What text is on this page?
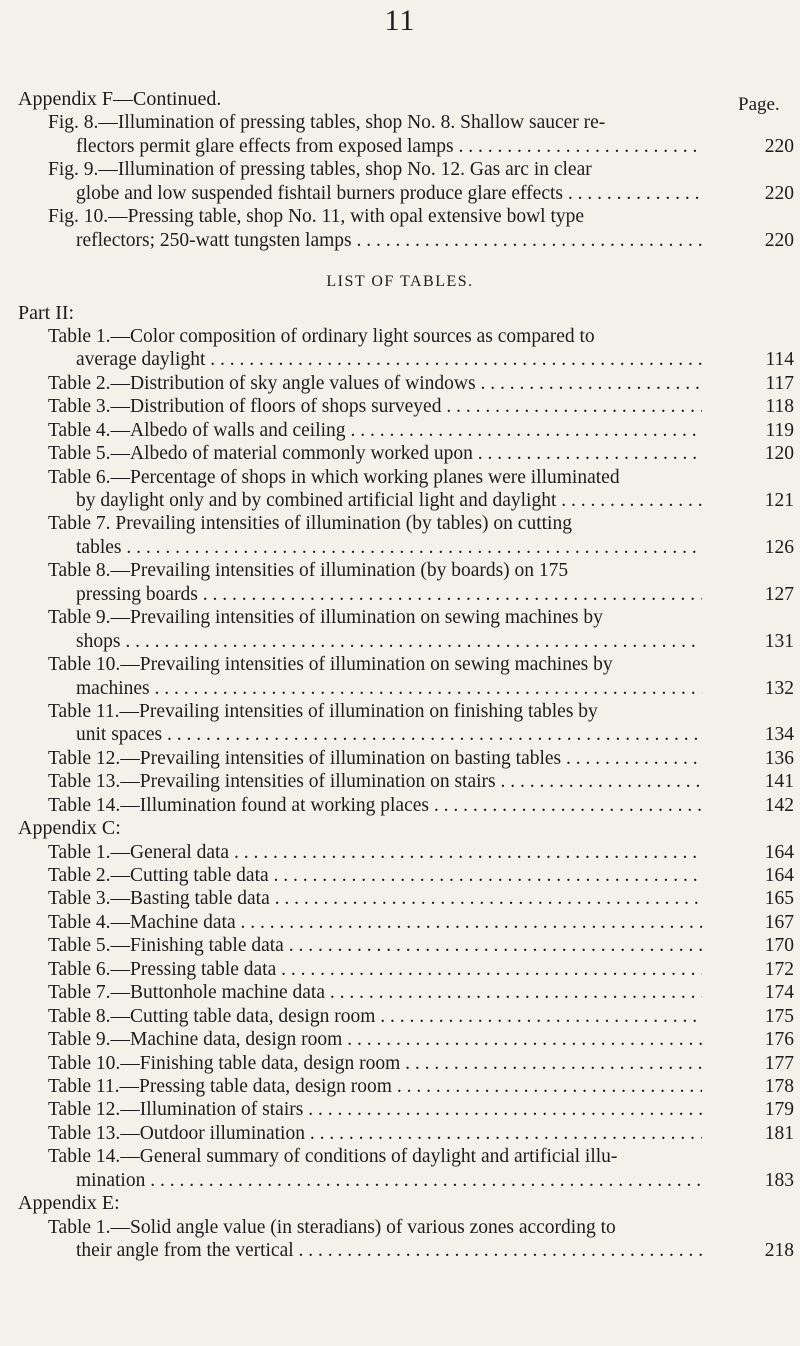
11
Page.
Appendix F—Continued.
Fig. 8.—Illumination of pressing tables, shop No. 8. Shallow saucer re-
flectors permit glare effects from exposed lamps . . .	220
Fig. 9.—Illumination of pressing tables, shop No. 12. Gas arc in clear
globe and low suspended fishtail burners produce glare effects . . .	220
Fig. 10.—Pressing table, shop No. 11, with opal extensive bowl type
reflectors; 250-watt tungsten lamps . . .	220
LIST OF TABLES.
Part II:
Table 1.—Color composition of ordinary light sources as compared to
average daylight . . .	114
Table 2.—Distribution of sky angle values of windows . . .	117
Table 3.—Distribution of floors of shops surveyed . . .	118
Table 4.—Albedo of walls and ceiling . . .	119
Table 5.—Albedo of material commonly worked upon . . .	120
Table 6.—Percentage of shops in which working planes were illuminated
by daylight only and by combined artificial light and daylight . . .	121
Table 7. Prevailing intensities of illumination (by tables) on cutting
tables . . .	126
Table 8.—Prevailing intensities of illumination (by boards) on 175
pressing boards . . .	127
Table 9.—Prevailing intensities of illumination on sewing machines by
shops . . .	131
Table 10.—Prevailing intensities of illumination on sewing machines by
machines . . .	132
Table 11.—Prevailing intensities of illumination on finishing tables by
unit spaces . . .	134
Table 12.—Prevailing intensities of illumination on basting tables . . .	136
Table 13.—Prevailing intensities of illumination on stairs . . .	141
Table 14.—Illumination found at working places . . .	142
Appendix C:
Table 1.—General data . . .	164
Table 2.—Cutting table data . . .	164
Table 3.—Basting table data . . .	165
Table 4.—Machine data . . .	167
Table 5.—Finishing table data . . .	170
Table 6.—Pressing table data . . .	172
Table 7.—Buttonhole machine data . . .	174
Table 8.—Cutting table data, design room . . .	175
Table 9.—Machine data, design room . . .	176
Table 10.—Finishing table data, design room . . .	177
Table 11.—Pressing table data, design room . . .	178
Table 12.—Illumination of stairs . . .	179
Table 13.—Outdoor illumination . . .	181
Table 14.—General summary of conditions of daylight and artificial illu-
mination . . .	183
Appendix E:
Table 1.—Solid angle value (in steradians) of various zones according to
their angle from the vertical . . .	218
